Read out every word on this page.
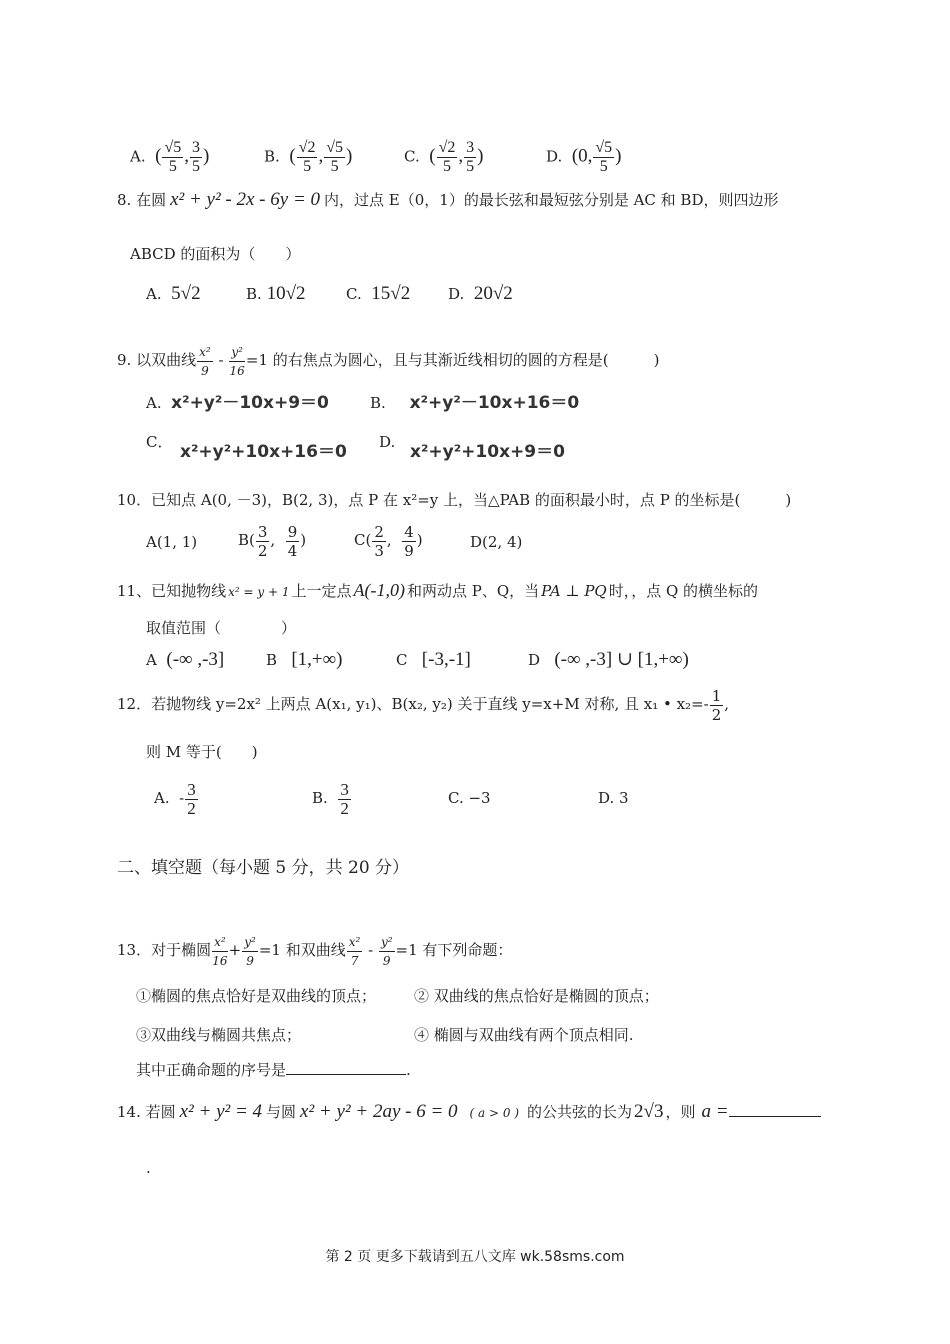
A. ( $\frac{√5}{5}$ , $\frac{3}{5}$ )	B. ( $\frac{√2}{5}$ , $\frac{√5}{5}$ )	C. ( $\frac{√2}{5}$ , $\frac{3}{5}$ )	D. (0, $\frac{√5}{5}$ )
8. 在圆 x² + y² - 2x - 6y = 0 内，过点 E（0，1）的最长弦和最短弦分别是 AC 和 BD，则四边形
ABCD 的面积为（　　）
A. 5√2	B. 10√2	C. 15√2	D. 20√2
9. 以双曲线 $\frac{\text{x²}}{9} - \frac{\text{y²}}{16} =1$ 的右焦点为圆心，且与其渐近线相切的圆的方程是(　　　)
A. x²+y²－10x+9＝0	B. x²+y²－10x+16＝0
C． x²+y²+10x+16＝0 D. x²+y²+10x+9＝0
10．已知点 A(0, －3)，B(2, 3)，点 P 在 x²=y 上，当△PAB 的面积最小时，点 P 的坐标是(　　　)
A(1, 1)	$B( \frac{3}{2}$ , $\frac{9}{4}$ )	$C( \frac{2}{3}$ , $\frac{4}{9}$ )	D(2, 4)
11、已知抛物线 x² = y + 1 上一定点 A(-1,0) 和两动点 P、Q，当 PA ⊥ PQ 时，，点 Q 的横坐标的
取值范围（　　　　）
A (-∞ ,-3]	B [1,+∞)	C [-3,-1]	D (-∞ ,-3] ∪ [1,+∞)
12．若抛物线 y=2x² 上两点 A(x₁, y₁)、B(x₂, y₂) 关于直线 y=x+M 对称, 且 x₁ • $x_2=- \frac{1}{2}$ ,
则 M 等于(　　)
A. - $\frac{3}{2}$	B. $\frac{3}{2}$	C. −3	D. 3
二、填空题（每小题 5 分，共 20 分）
13．对于椭圆 $\frac{\text{x²}}{16} + \frac{\text{y²}}{9} =1$ 和双曲线 $\frac{\text{x²}}{7} - \frac{\text{y²}}{9} =1$ 有下列命题：
①椭圆的焦点恰好是双曲线的顶点；	② 双曲线的焦点恰好是椭圆的顶点；
③双曲线与椭圆共焦点；	④ 椭圆与双曲线有两个顶点相同.
其中正确命题的序号是	.
14. 若圆 x² + y² = 4 与圆 x² + y² + 2ay - 6 = 0 ( a > 0 ) 的公共弦的长为 2√3 ，则 a =
.
第 2 页 更多下载请到五八文库 wk.58sms.com
